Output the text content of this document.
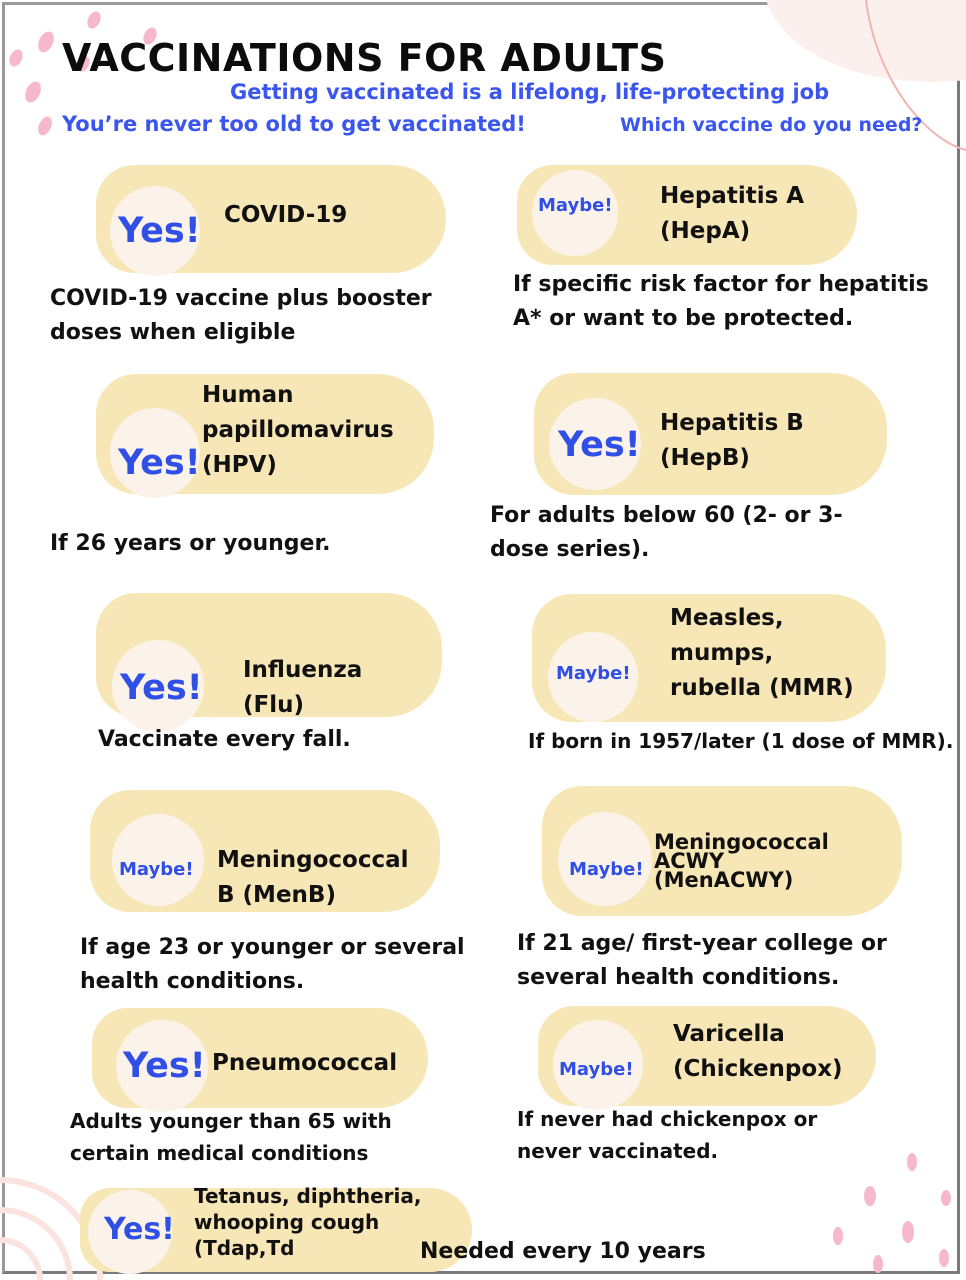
VACCINATIONS FOR ADULTS
Getting vaccinated is a lifelong, life-protecting job
You’re never too old to get vaccinated!	Which vaccine do you need?
Yes! COVID-19
COVID-19 vaccine plus booster
doses when eligible
Maybe! Hepatitis A
(HepA)
If specific risk factor for hepatitis
A* or want to be protected.
Yes!
Human
papillomavirus
(HPV)
If 26 years or younger.
Yes!
Hepatitis B
(HepB)
For adults below 60 (2- or 3-
dose series).
Yes! Influenza
(Flu)
Vaccinate every fall.
Maybe!
Measles,
mumps,
rubella (MMR)
If born in 1957/later (1 dose of MMR).
Maybe! Meningococcal
B (MenB)
If age 23 or younger or several
health conditions.
Maybe!
Meningococcal
ACWY
(MenACWY)
If 21 age/ first-year college or
several health conditions.
Yes! Pneumococcal
Adults younger than 65 with
certain medical conditions
Maybe!
Varicella
(Chickenpox)
If never had chickenpox or
never vaccinated.
Yes!
Tetanus, diphtheria,
whooping cough
(Tdap,Td	Needed every 10 years
